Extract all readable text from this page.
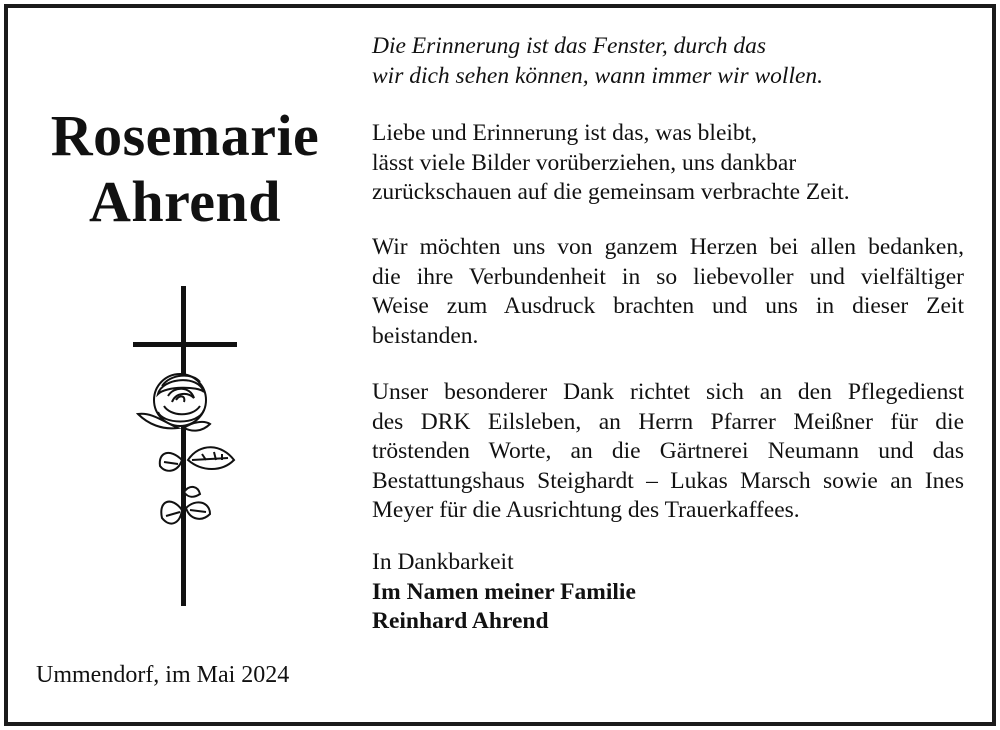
Rosemarie
Ahrend
Ummendorf, im Mai 2024
Die Erinnerung ist das Fenster, durch das
wir dich sehen können, wann immer wir wollen.
Liebe und Erinnerung ist das, was bleibt,
lässt viele Bilder vorüberziehen, uns dankbar
zurückschauen auf die gemeinsam verbrachte Zeit.
Wir möchten uns von ganzem Herzen bei allen bedanken,
die ihre Verbundenheit in so liebevoller und vielfältiger
Weise zum Ausdruck brachten und uns in dieser Zeit
beistanden.
Unser besonderer Dank richtet sich an den Pflegedienst
des DRK Eilsleben, an Herrn Pfarrer Meißner für die
tröstenden Worte, an die Gärtnerei Neumann und das
Bestattungshaus Steighardt – Lukas Marsch sowie an Ines
Meyer für die Ausrichtung des Trauerkaffees.
In Dankbarkeit
Im Namen meiner Familie
Reinhard Ahrend
